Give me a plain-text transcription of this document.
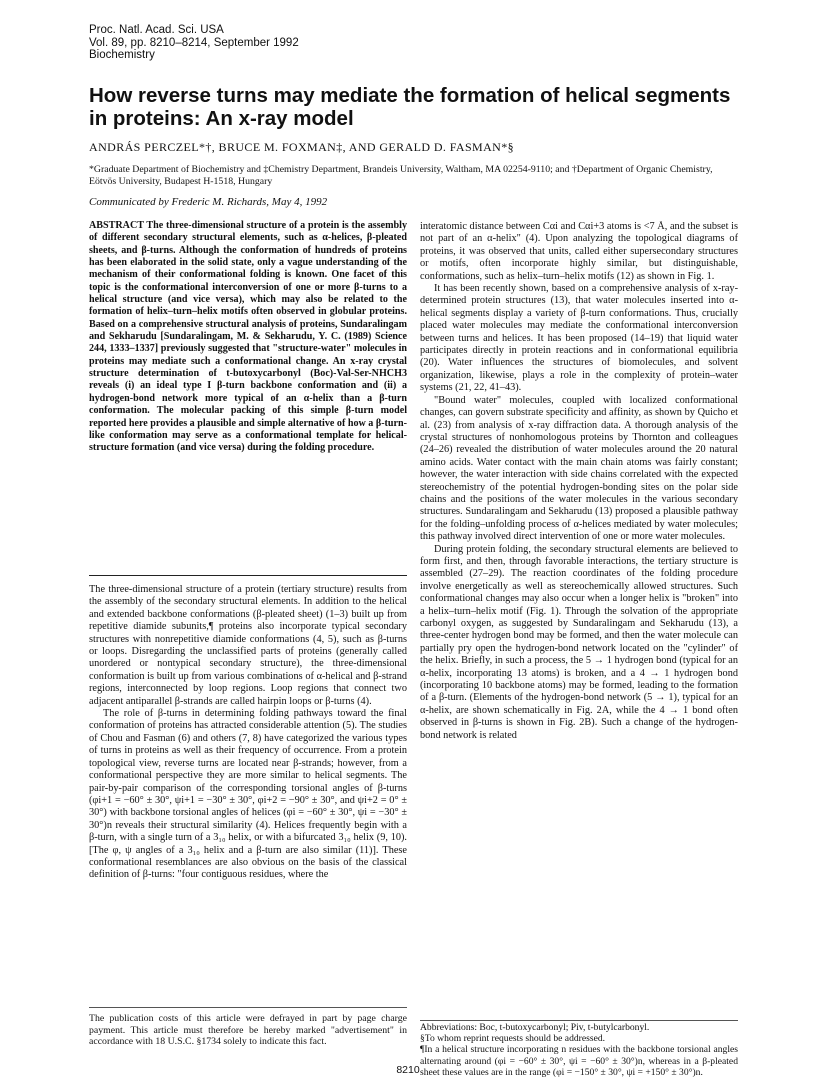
Proc. Natl. Acad. Sci. USA
Vol. 89, pp. 8210–8214, September 1992
Biochemistry
How reverse turns may mediate the formation of helical segments in proteins: An x-ray model
ANDRÁS PERCZEL*†, BRUCE M. FOXMAN‡, AND GERALD D. FASMAN*§
*Graduate Department of Biochemistry and ‡Chemistry Department, Brandeis University, Waltham, MA 02254-9110; and †Department of Organic Chemistry, Eötvös University, Budapest H-1518, Hungary
Communicated by Frederic M. Richards, May 4, 1992

ABSTRACT The three-dimensional structure of a protein is the assembly of different secondary structural elements, such as α-helices, β-pleated sheets, and β-turns. Although the conformation of hundreds of proteins has been elaborated in the solid state, only a vague understanding of the mechanism of their conformational folding is known. One facet of this topic is the conformational interconversion of one or more β-turns to a helical structure (and vice versa), which may also be related to the formation of helix–turn–helix motifs often observed in globular proteins. Based on a comprehensive structural analysis of proteins, Sundaralingam and Sekharudu [Sundaralingam, M. & Sekharudu, Y. C. (1989) Science 244, 1333–1337] previously suggested that "structure-water" molecules in proteins may mediate such a conformational change. An x-ray crystal structure determination of t-butoxycarbonyl (Boc)-Val-Ser-NHCH3 reveals (i) an ideal type I β-turn backbone conformation and (ii) a hydrogen-bond network more typical of an α-helix than a β-turn conformation. The molecular packing of this simple β-turn model reported here provides a plausible and simple alternative of how a β-turn-like conformation may serve as a conformational template for helical-structure formation (and vice versa) during the folding procedure.

The three-dimensional structure of a protein (tertiary structure) results from the assembly of the secondary structural elements. In addition to the helical and extended backbone conformations (β-pleated sheet) (1–3) built up from repetitive diamide subunits,¶ proteins also incorporate typical secondary structures with nonrepetitive diamide conformations (4, 5), such as β-turns or loops. Disregarding the unclassified parts of proteins (generally called unordered or nontypical secondary structure), the three-dimensional conformation is built up from various combinations of α-helical and β-strand regions, interconnected by loop regions. Loop regions that connect two adjacent antiparallel β-strands are called hairpin loops or β-turns (4).

The role of β-turns in determining folding pathways toward the final conformation of proteins has attracted considerable attention (5). The studies of Chou and Fasman (6) and others (7, 8) have categorized the various types of turns in proteins as well as their frequency of occurrence. From a protein topological view, reverse turns are located near β-strands; however, from a conformational perspective they are more similar to helical segments. The pair-by-pair comparison of the corresponding torsional angles of β-turns (φi+1 = −60° ± 30°, ψi+1 = −30° ± 30°, φi+2 = −90° ± 30°, and ψi+2 = 0° ± 30°) with backbone torsional angles of helices (φi = −60° ± 30°, ψi = −30° ± 30°)n reveals their structural similarity (4). Helices frequently begin with a β-turn, with a single turn of a 3₁₀ helix, or with a bifurcated 3₁₀ helix (9, 10). [The φ, ψ angles of a 3₁₀ helix and a β-turn are also similar (11)]. These conformational resemblances are also obvious on the basis of the classical definition of β-turns: "four contiguous residues, where the

The publication costs of this article were defrayed in part by page charge payment. This article must therefore be hereby marked "advertisement" in accordance with 18 U.S.C. §1734 solely to indicate this fact.

interatomic distance between Cαi and Cαi+3 atoms is <7 Å, and the subset is not part of an α-helix" (4). Upon analyzing the topological diagrams of proteins, it was observed that units, called either supersecondary structures or motifs, often incorporate highly similar, but distinguishable, conformations, such as helix–turn–helix motifs (12) as shown in Fig. 1.

It has been recently shown, based on a comprehensive analysis of x-ray-determined protein structures (13), that water molecules inserted into α-helical segments display a variety of β-turn conformations. Thus, crucially placed water molecules may mediate the conformational interconversion between turns and helices. It has been proposed (14–19) that liquid water participates directly in protein reactions and in conformational equilibria (20). Water influences the structures of biomolecules, and solvent organization, likewise, plays a role in the complexity of protein–water systems (21, 22, 41–43).

"Bound water" molecules, coupled with localized conformational changes, can govern substrate specificity and affinity, as shown by Quicho et al. (23) from analysis of x-ray diffraction data. A thorough analysis of the crystal structures of nonhomologous proteins by Thornton and colleagues (24–26) revealed the distribution of water molecules around the 20 natural amino acids. Water contact with the main chain atoms was fairly constant; however, the water interaction with side chains correlated with the expected stereochemistry of the potential hydrogen-bonding sites on the polar side chains and the positions of the water molecules in the various secondary structures. Sundaralingam and Sekharudu (13) proposed a plausible pathway for the folding–unfolding process of α-helices mediated by water molecules; this pathway involved direct intervention of one or more water molecules.

During protein folding, the secondary structural elements are believed to form first, and then, through favorable interactions, the tertiary structure is assembled (27–29). The reaction coordinates of the folding procedure involve energetically as well as stereochemically allowed structures. Such conformational changes may also occur when a longer helix is "broken" into a helix–turn–helix motif (Fig. 1). Through the solvation of the appropriate carbonyl oxygen, as suggested by Sundaralingam and Sekharudu (13), a three-center hydrogen bond may be formed, and then the water molecule can partially pry open the hydrogen-bond network located on the "cylinder" of the helix. Briefly, in such a process, the 5 → 1 hydrogen bond (typical for an α-helix, incorporating 13 atoms) is broken, and a 4 → 1 hydrogen bond (incorporating 10 backbone atoms) may be formed, leading to the formation of a β-turn. (Elements of the hydrogen-bond network (5 → 1), typical for an α-helix, are shown schematically in Fig. 2A, while the 4 → 1 bond often observed in β-turns is shown in Fig. 2B). Such a change of the hydrogen-bond network is related

Abbreviations: Boc, t-butoxycarbonyl; Piv, t-butylcarbonyl.

§To whom reprint requests should be addressed.

¶In a helical structure incorporating n residues with the backbone torsional angles alternating around (φi = −60° ± 30°, ψi = −60° ± 30°)n, whereas in a β-pleated sheet these values are in the range (φi = −150° ± 30°, ψi = +150° ± 30°)n.

8210
